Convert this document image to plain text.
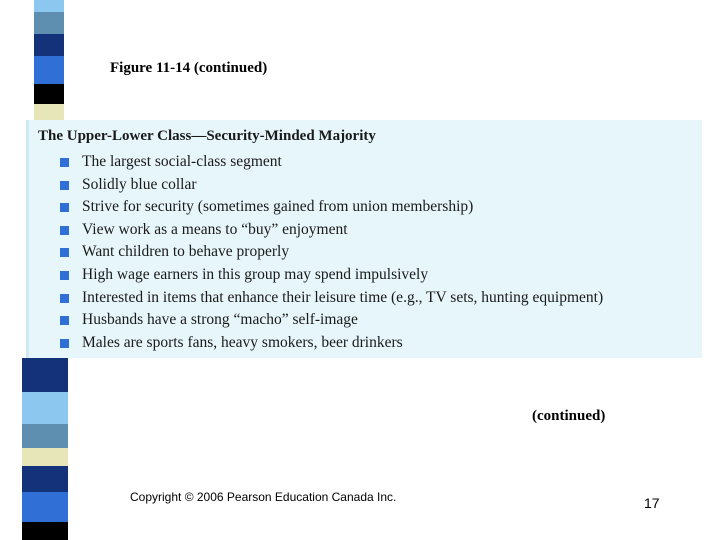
Figure 11-14 (continued)
The Upper-Lower Class—Security-Minded Majority
The largest social-class segment
Solidly blue collar
Strive for security (sometimes gained from union membership)
View work as a means to “buy” enjoyment
Want children to behave properly
High wage earners in this group may spend impulsively
Interested in items that enhance their leisure time (e.g., TV sets, hunting equipment)
Husbands have a strong “macho” self-image
Males are sports fans, heavy smokers, beer drinkers
(continued)
Copyright © 2006 Pearson Education Canada Inc.	17
